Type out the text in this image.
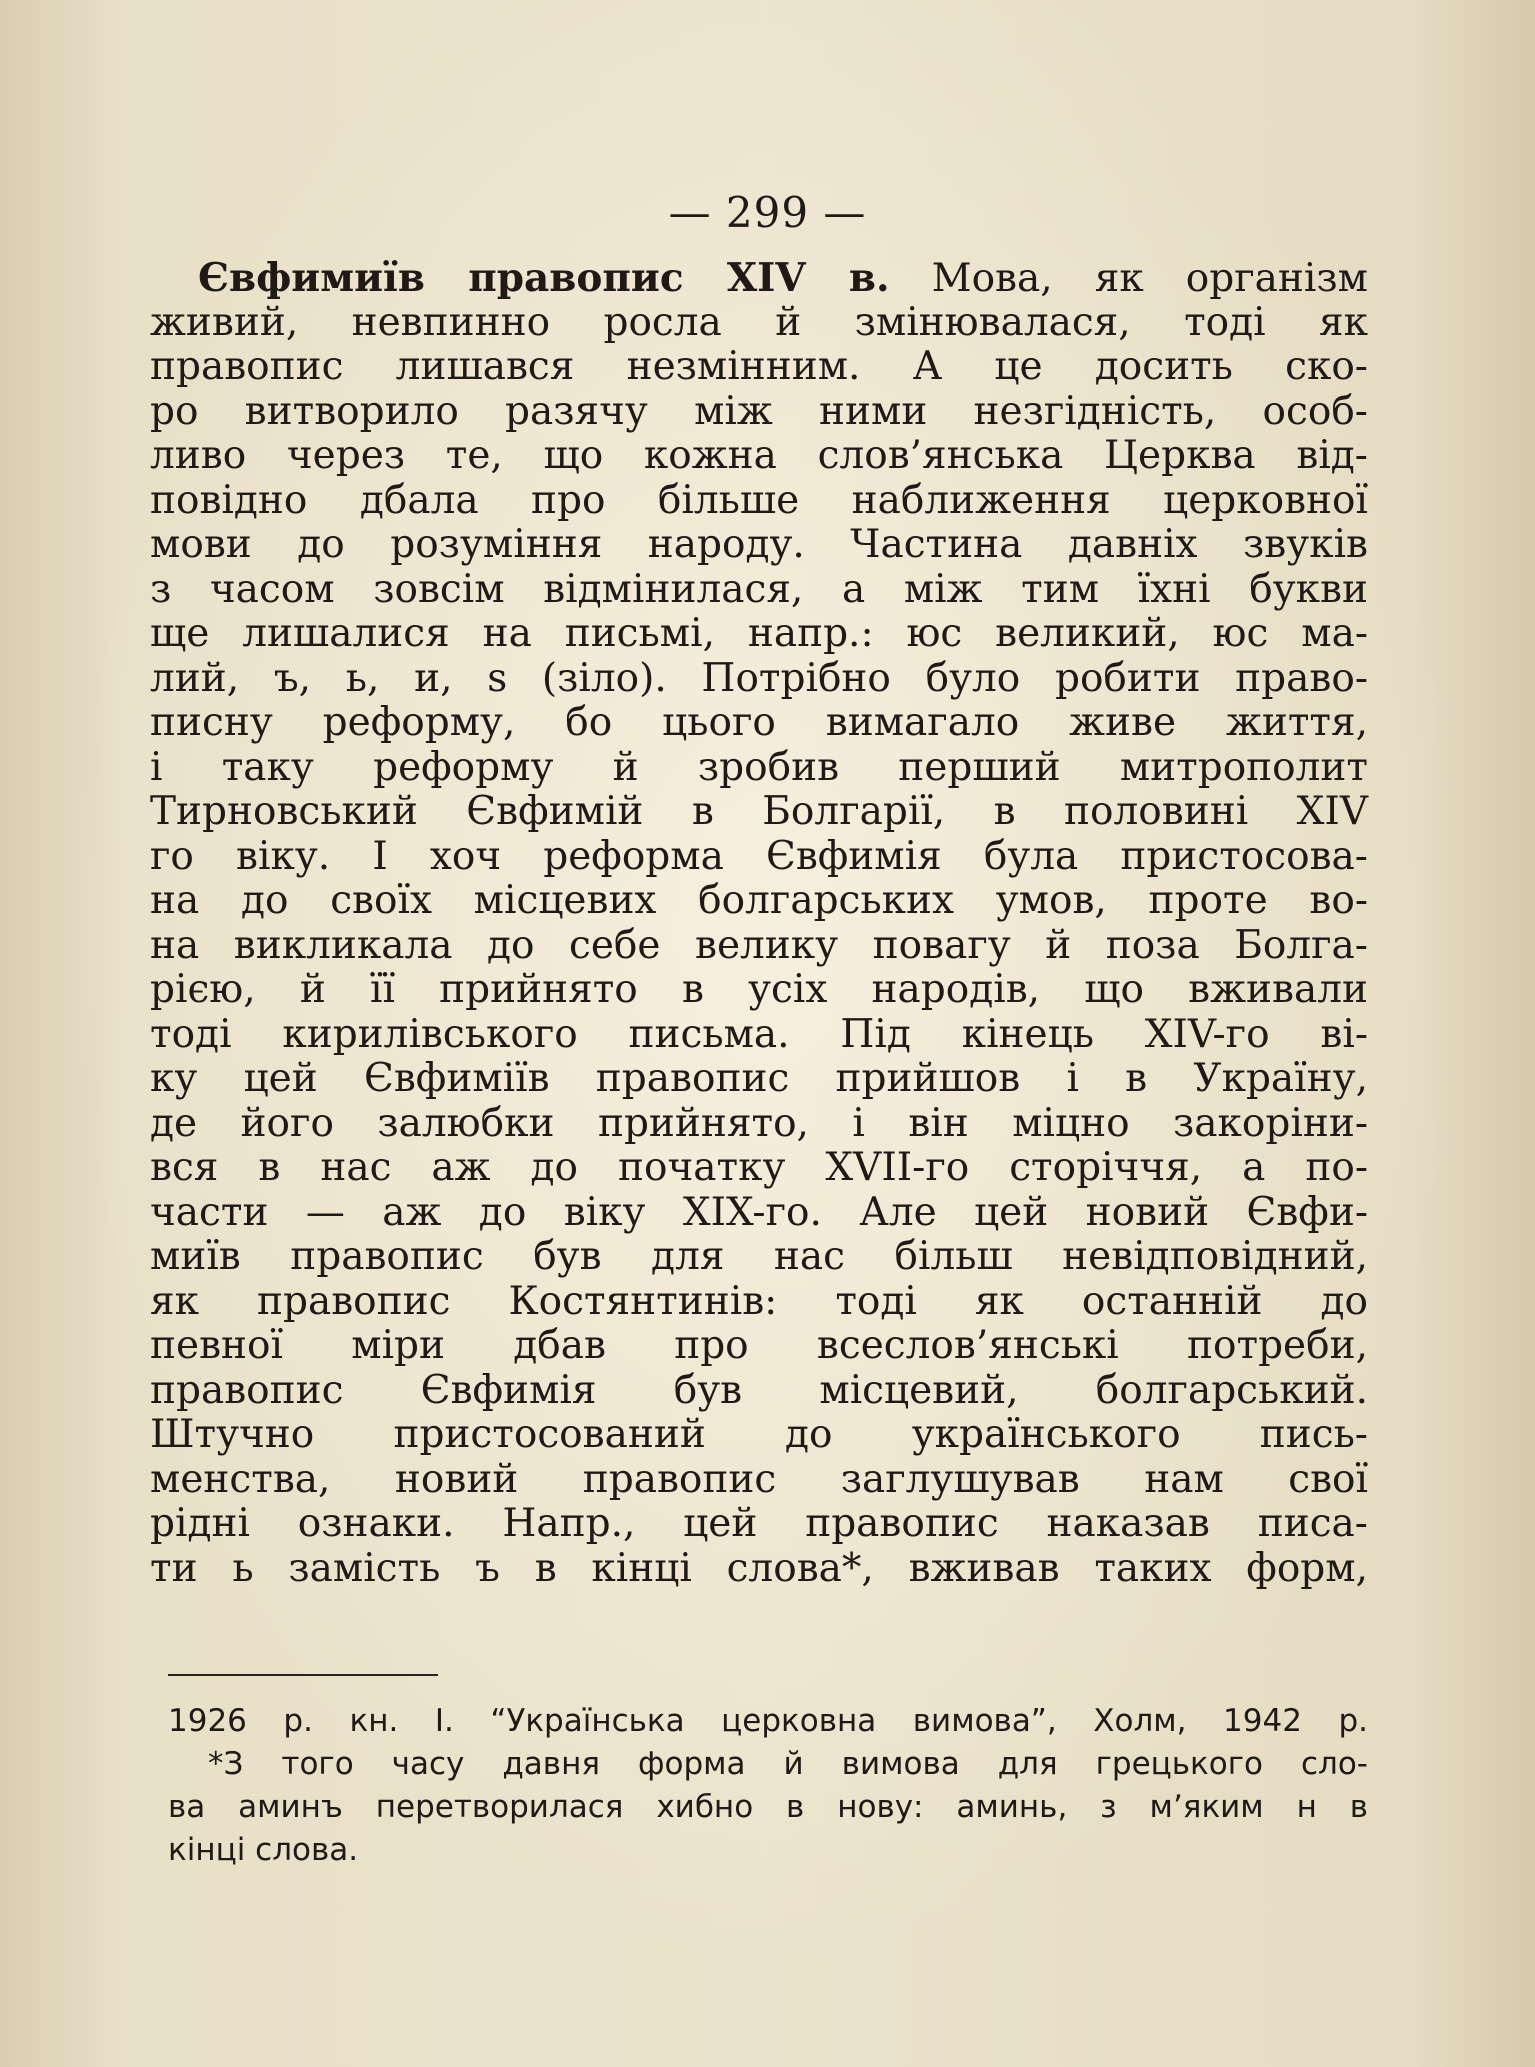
— 299 —
Євфимиїв правопис XIV в. Мова, як організм
живий, невпинно росла й змінювалася, тоді як
правопис лишався незмінним. А це досить ско-
ро витворило разячу між ними незгідність, особ-
ливо через те, що кожна слов’янська Церква від-
повідно дбала про більше наближення церковної
мови до розуміння народу. Частина давніх звуків
з часом зовсім відмінилася, а між тим їхні букви
ще лишалися на письмі, напр.: юс великий, юс ма-
лий, ъ, ь, и, ѕ (зіло). Потрібно було робити право-
писну реформу, бо цього вимагало живе життя,
і таку реформу й зробив перший митрополит
Тирновський Євфимій в Болгарії, в половині XIV
го віку. І хоч реформа Євфимія була пристосова-
на до своїх місцевих болгарських умов, проте во-
на викликала до себе велику повагу й поза Болга-
рією, й її прийнято в усіх народів, що вживали
тоді кирилівського письма. Під кінець XIV-го ві-
ку цей Євфиміїв правопис прийшов і в Україну,
де його залюбки прийнято, і він міцно закоріни-
вся в нас аж до початку XVII-го сторіччя, а по-
части — аж до віку XIX-го. Але цей новий Євфи-
миїв правопис був для нас більш невідповідний,
як правопис Костянтинів: тоді як останній до
певної міри дбав про всеслов’янські потреби,
правопис Євфимія був місцевий, болгарський.
Штучно пристосований до українського пись-
менства, новий правопис заглушував нам свої
рідні ознаки. Напр., цей правопис наказав писа-
ти ь замість ъ в кінці слова*, вживав таких форм,
1926 р. кн. І. “Українська церковна вимова”, Холм, 1942 р.
*З того часу давня форма й вимова для грецького сло-
ва аминъ перетворилася хибно в нову: аминь, з м’яким н в
кінці слова.
